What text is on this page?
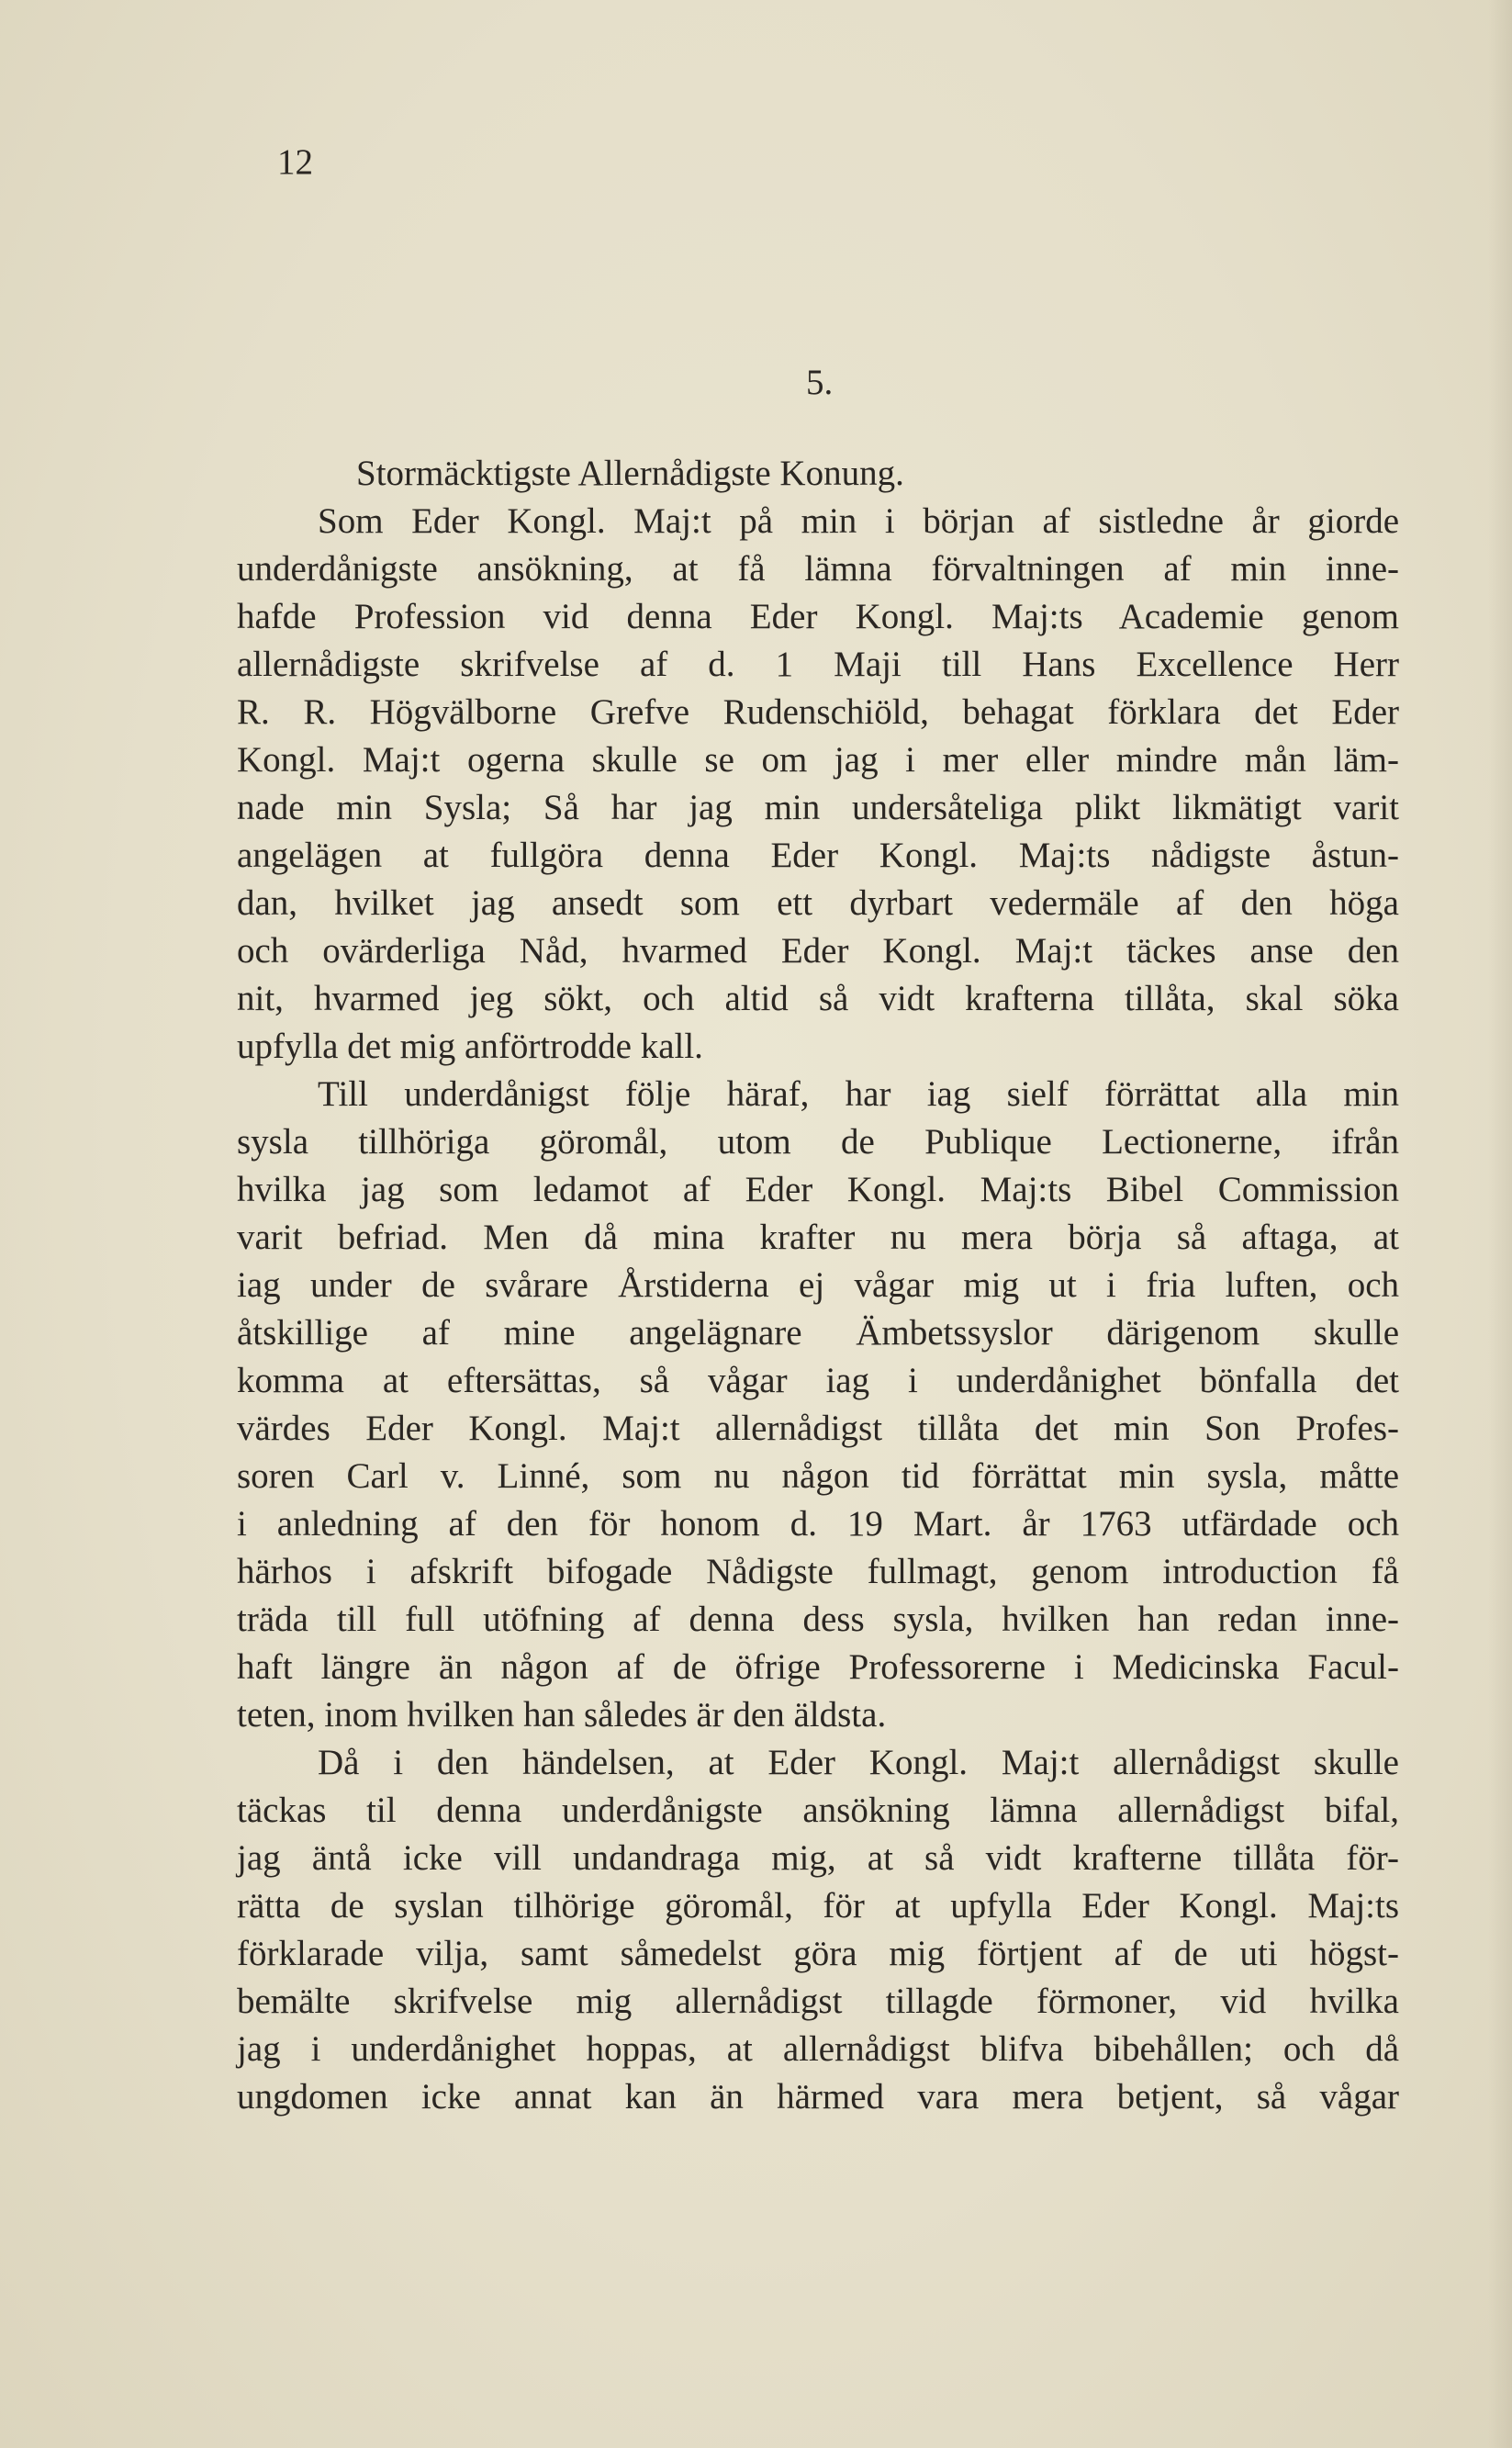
12
5.
Stormäcktigste Allernådigste Konung.
Som Eder Kongl. Maj:t på min i början af sistledne år giorde
underdånigste ansökning, at få lämna förvaltningen af min inne-
hafde Profession vid denna Eder Kongl. Maj:ts Academie genom
allernådigste skrifvelse af d. 1 Maji till Hans Excellence Herr
R. R. Högvälborne Grefve Rudenschiöld, behagat förklara det Eder
Kongl. Maj:t ogerna skulle se om jag i mer eller mindre mån läm-
nade min Sysla; Så har jag min undersåteliga plikt likmätigt varit
angelägen at fullgöra denna Eder Kongl. Maj:ts nådigste åstun-
dan, hvilket jag ansedt som ett dyrbart vedermäle af den höga
och ovärderliga Nåd, hvarmed Eder Kongl. Maj:t täckes anse den
nit, hvarmed jeg sökt, och altid så vidt krafterna tillåta, skal söka
upfylla det mig anförtrodde kall.
Till underdånigst följe häraf, har iag sielf förrättat alla min
sysla tillhöriga göromål, utom de Publique Lectionerne, ifrån
hvilka jag som ledamot af Eder Kongl. Maj:ts Bibel Commission
varit befriad. Men då mina krafter nu mera börja så aftaga, at
iag under de svårare Årstiderna ej vågar mig ut i fria luften, och
åtskillige af mine angelägnare Ämbetssyslor därigenom skulle
komma at eftersättas, så vågar iag i underdånighet bönfalla det
värdes Eder Kongl. Maj:t allernådigst tillåta det min Son Profes-
soren Carl v. Linné, som nu någon tid förrättat min sysla, måtte
i anledning af den för honom d. 19 Mart. år 1763 utfärdade och
härhos i afskrift bifogade Nådigste fullmagt, genom introduction få
träda till full utöfning af denna dess sysla, hvilken han redan inne-
haft längre än någon af de öfrige Professorerne i Medicinska Facul-
teten, inom hvilken han således är den äldsta.
Då i den händelsen, at Eder Kongl. Maj:t allernådigst skulle
täckas til denna underdånigste ansökning lämna allernådigst bifal,
jag äntå icke vill undandraga mig, at så vidt krafterne tillåta för-
rätta de syslan tilhörige göromål, för at upfylla Eder Kongl. Maj:ts
förklarade vilja, samt såmedelst göra mig förtjent af de uti högst-
bemälte skrifvelse mig allernådigst tillagde förmoner, vid hvilka
jag i underdånighet hoppas, at allernådigst blifva bibehållen; och då
ungdomen icke annat kan än härmed vara mera betjent, så vågar
